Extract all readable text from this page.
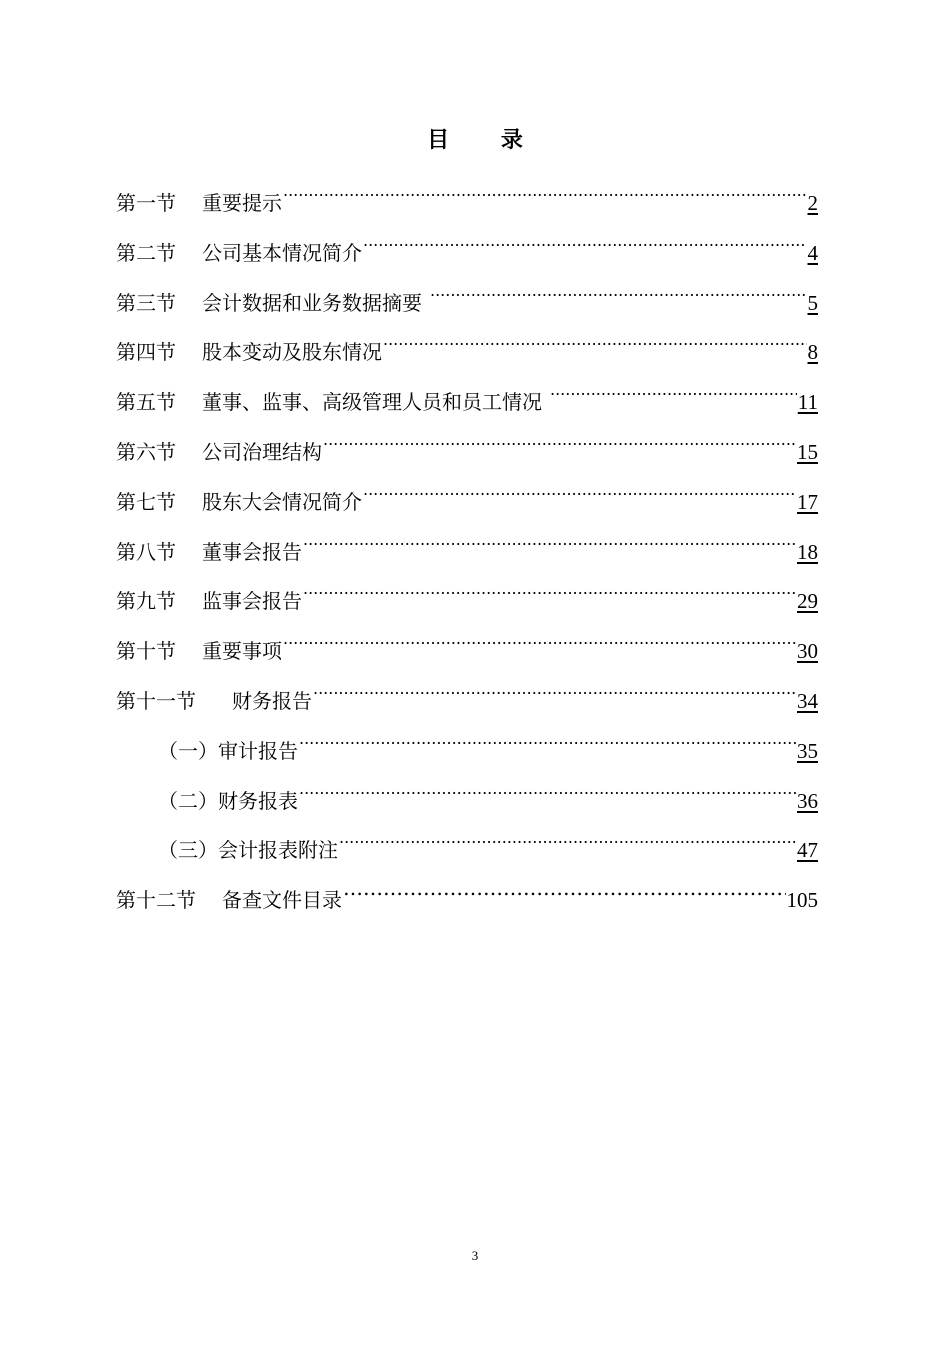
目 录
第一节 重要提示 .....	2
第二节 公司基本情况简介 .....	4
第三节 会计数据和业务数据摘要 .....	5
第四节 股本变动及股东情况 .....	8
第五节 董事、监事、高级管理人员和员工情况 .....	11
第六节 公司治理结构 .....	15
第七节 股东大会情况简介 .....	17
第八节 董事会报告 .....	18
第九节 监事会报告 .....	29
第十节 重要事项 .....	30
第十一节 财务报告 .....	34
（一）审计报告 .....	35
（二）财务报表 .....	36
（三）会计报表附注 .....	47
第十二节 备查文件目录 ……………………………………………………………………………………………………	105
3
